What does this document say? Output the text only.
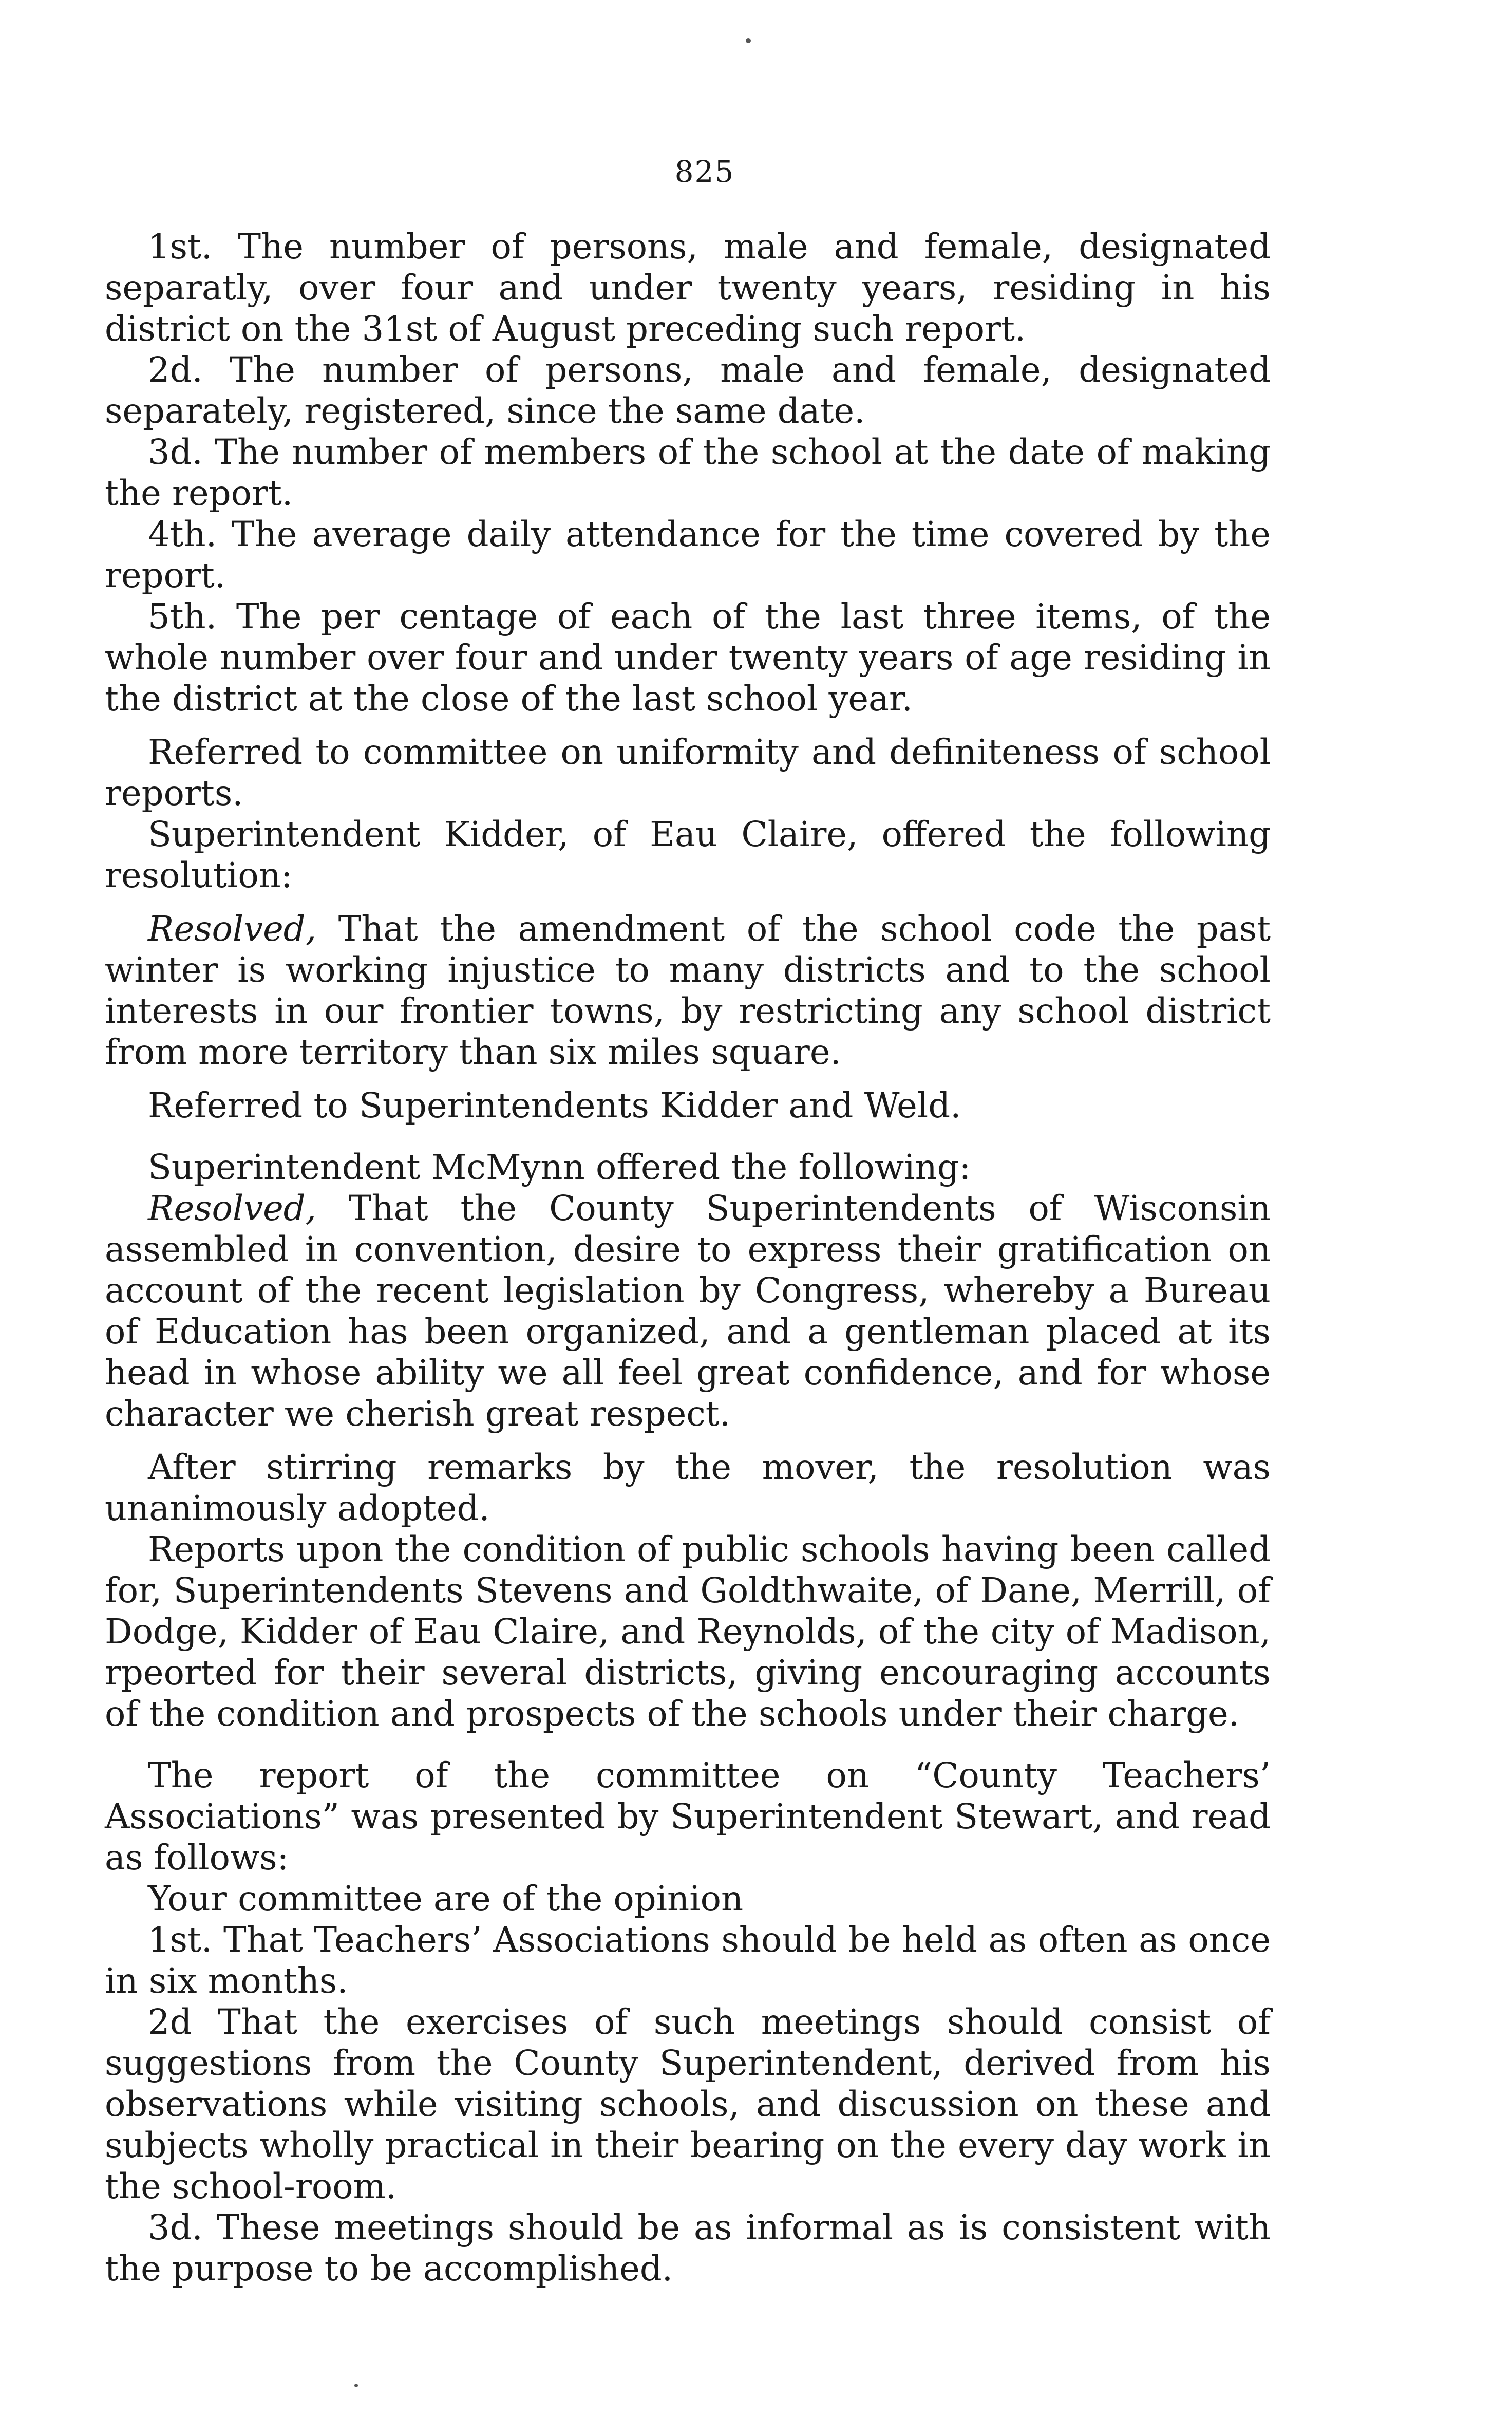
825

1st. The number of persons, male and female, designated separatly, over four and under twenty years, residing in his district on the 31st of August preceding such report.

2d. The number of persons, male and female, designated separately, registered, since the same date.

3d. The number of members of the school at the date of making the report.

4th. The average daily attendance for the time covered by the report.

5th. The per centage of each of the last three items, of the whole number over four and under twenty years of age residing in the district at the close of the last school year.

Referred to committee on uniformity and definiteness of school reports.

Superintendent Kidder, of Eau Claire, offered the following resolution:

Resolved, That the amendment of the school code the past winter is working injustice to many districts and to the school interests in our frontier towns, by restricting any school district from more territory than six miles square.

Referred to Superintendents Kidder and Weld.

Superintendent McMynn offered the following:

Resolved, That the County Superintendents of Wisconsin assembled in convention, desire to express their gratification on account of the recent legislation by Congress, whereby a Bureau of Education has been organized, and a gentleman placed at its head in whose ability we all feel great confidence, and for whose character we cherish great respect.

After stirring remarks by the mover, the resolution was unanimously adopted.

Reports upon the condition of public schools having been called for, Superintendents Stevens and Goldthwaite, of Dane, Merrill, of Dodge, Kidder of Eau Claire, and Reynolds, of the city of Madison, rpeorted for their several districts, giving encouraging accounts of the condition and prospects of the schools under their charge.

The report of the committee on “County Teachers’ Associations” was presented by Superintendent Stewart, and read as follows:

Your committee are of the opinion

1st. That Teachers’ Associations should be held as often as once in six months.

2d That the exercises of such meetings should consist of suggestions from the County Superintendent, derived from his observations while visiting schools, and discussion on these and subjects wholly practical in their bearing on the every day work in the school-room.

3d. These meetings should be as informal as is consistent with the purpose to be accomplished.
